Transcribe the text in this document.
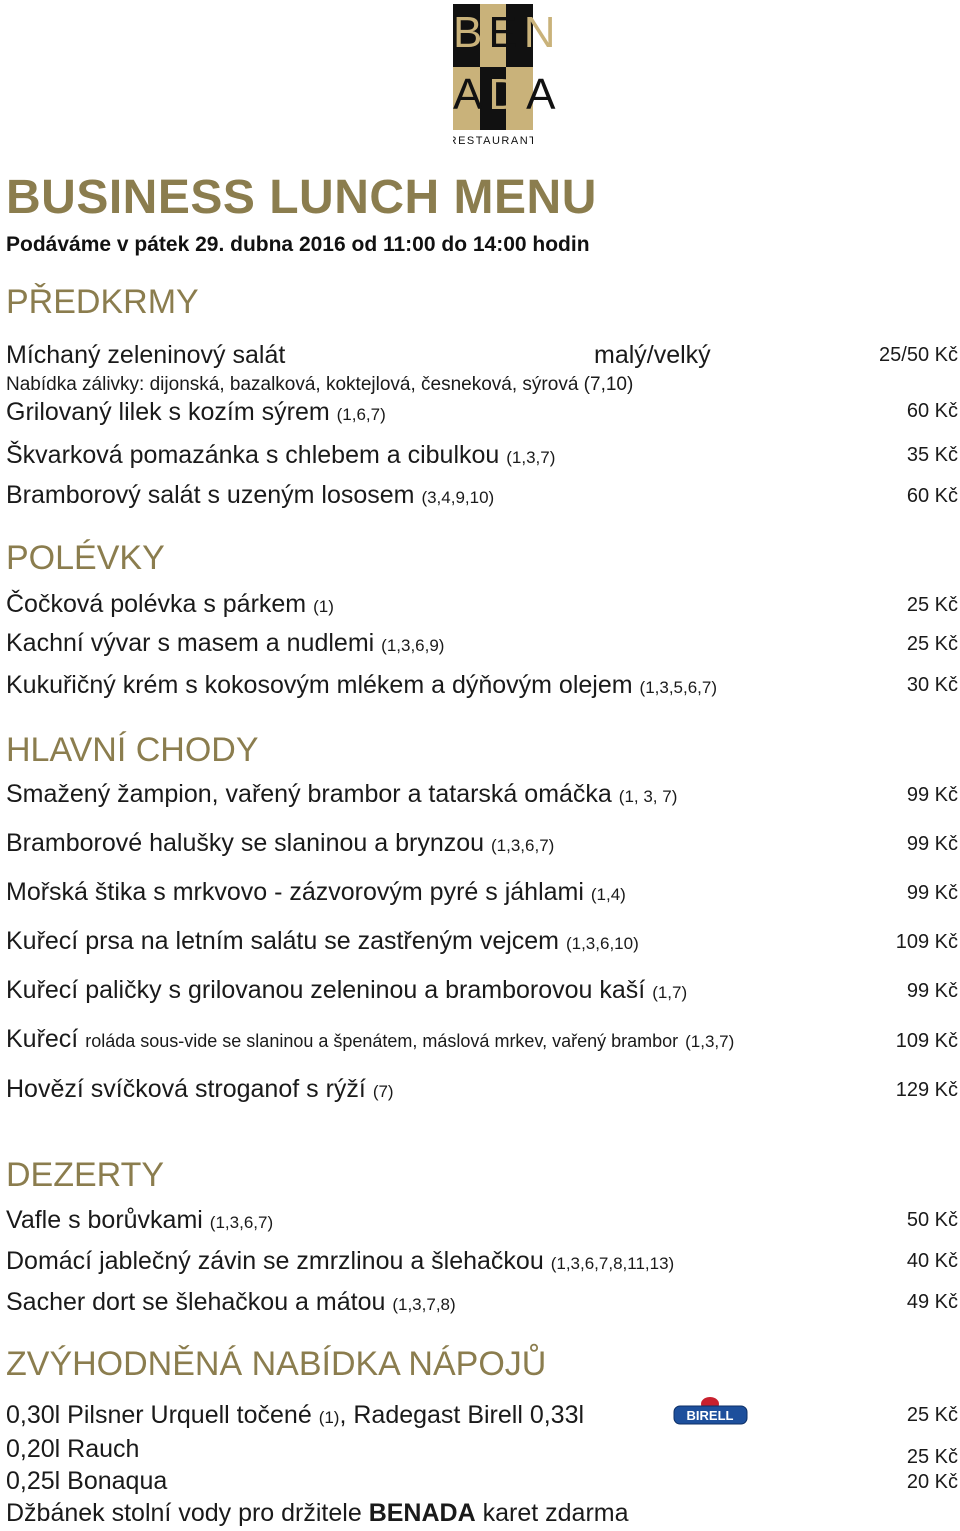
RESTAURANT
BEN
ADA
BUSINESS LUNCH MENU
Podáváme v pátek 29. dubna 2016 od 11:00 do 14:00 hodin
PŘEDKRMY
Míchaný zeleninový salát	malý/velký	25/50 Kč
Nabídka zálivky: dijonská, bazalková, koktejlová, česneková, sýrová (7,10)
Grilovaný lilek s kozím sýrem (1,6,7)	60 Kč
Škvarková pomazánka s chlebem a cibulkou (1,3,7)	35 Kč
Bramborový salát s uzeným lososem (3,4,9,10)	60 Kč
POLÉVKY
Čočková polévka s párkem (1)	25 Kč
Kachní vývar s masem a nudlemi (1,3,6,9)	25 Kč
Kukuřičný krém s kokosovým mlékem a dýňovým olejem (1,3,5,6,7)	30 Kč
HLAVNÍ CHODY
Smažený žampion, vařený brambor a tatarská omáčka (1, 3, 7)	99 Kč
Bramborové halušky se slaninou a brynzou (1,3,6,7)	99 Kč
Mořská štika s mrkvovo - zázvorovým pyré s jáhlami (1,4)	99 Kč
Kuřecí prsa na letním salátu se zastřeným vejcem (1,3,6,10)	109 Kč
Kuřecí paličky s grilovanou zeleninou a bramborovou kaší (1,7)	99 Kč
Kuřecí roláda sous-vide se slaninou a špenátem, máslová mrkev, vařený brambor (1,3,7)	109 Kč
Hovězí svíčková stroganof s rýží (7)	129 Kč
DEZERTY
Vafle s borůvkami (1,3,6,7)	50 Kč
Domácí jablečný závin se zmrzlinou a šlehačkou (1,3,6,7,8,11,13)	40 Kč
Sacher dort se šlehačkou a mátou (1,3,7,8)	49 Kč
ZVÝHODNĚNÁ NABÍDKA NÁPOJŮ
0,30l Pilsner Urquell točené (1), Radegast Birell 0,33l	BIRELL	25 Kč
0,20l Rauch	25 Kč
0,25l Bonaqua	20 Kč
Džbánek stolní vody pro držitele BENADA karet zdarma
